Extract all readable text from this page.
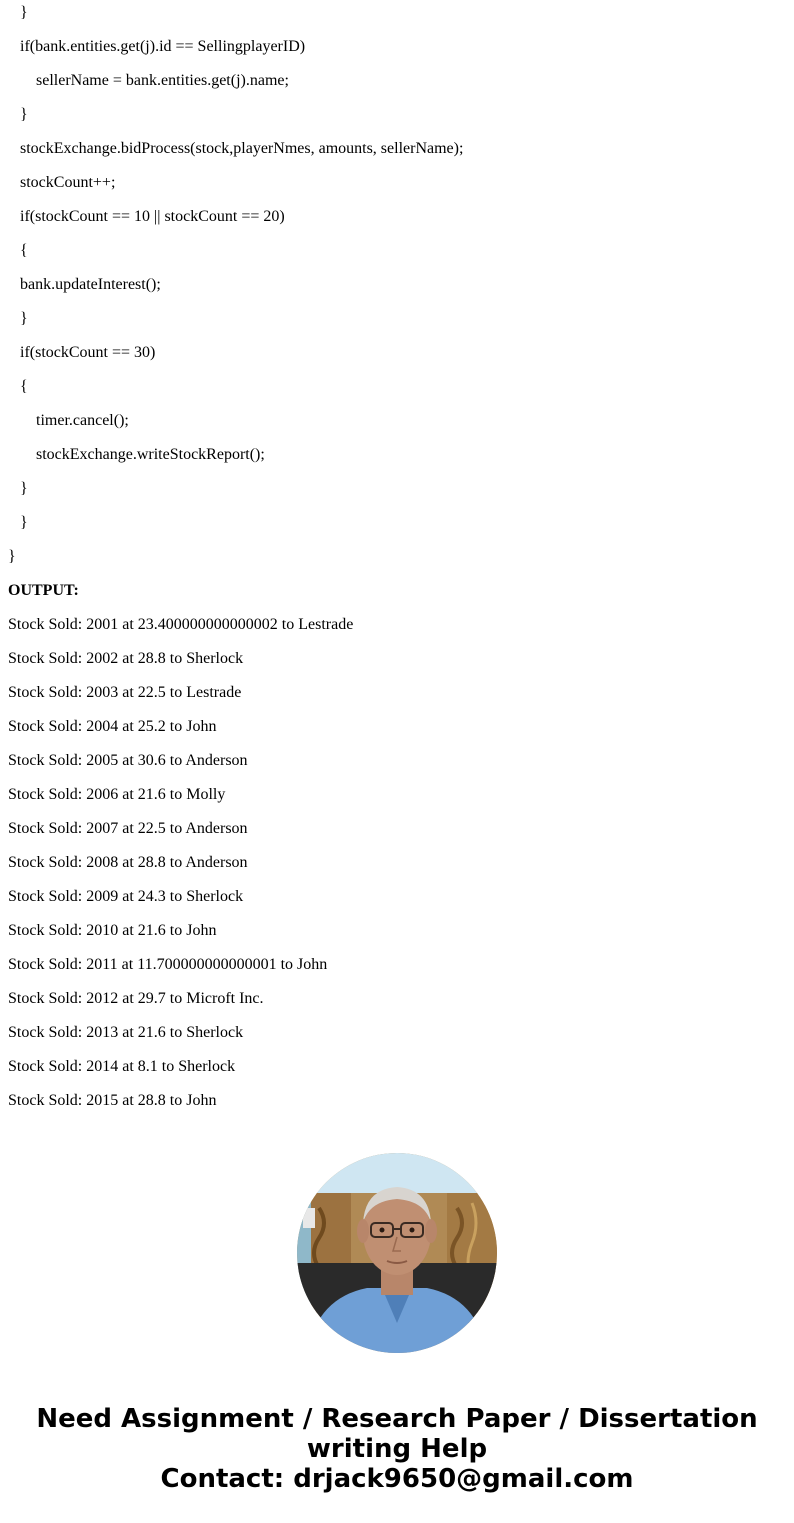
}
if(bank.entities.get(j).id == SellingplayerID)
sellerName = bank.entities.get(j).name;
}
stockExchange.bidProcess(stock,playerNmes, amounts, sellerName);
stockCount++;
if(stockCount == 10 || stockCount == 20)
{
bank.updateInterest();
}
if(stockCount == 30)
{
timer.cancel();
stockExchange.writeStockReport();
}
}
}
OUTPUT:
Stock Sold: 2001 at 23.400000000000002 to Lestrade
Stock Sold: 2002 at 28.8 to Sherlock
Stock Sold: 2003 at 22.5 to Lestrade
Stock Sold: 2004 at 25.2 to John
Stock Sold: 2005 at 30.6 to Anderson
Stock Sold: 2006 at 21.6 to Molly
Stock Sold: 2007 at 22.5 to Anderson
Stock Sold: 2008 at 28.8 to Anderson
Stock Sold: 2009 at 24.3 to Sherlock
Stock Sold: 2010 at 21.6 to John
Stock Sold: 2011 at 11.700000000000001 to John
Stock Sold: 2012 at 29.7 to Microft Inc.
Stock Sold: 2013 at 21.6 to Sherlock
Stock Sold: 2014 at 8.1 to Sherlock
Stock Sold: 2015 at 28.8 to John
Need Assignment / Research Paper / Dissertation
writing Help
Contact: drjack9650@gmail.com
